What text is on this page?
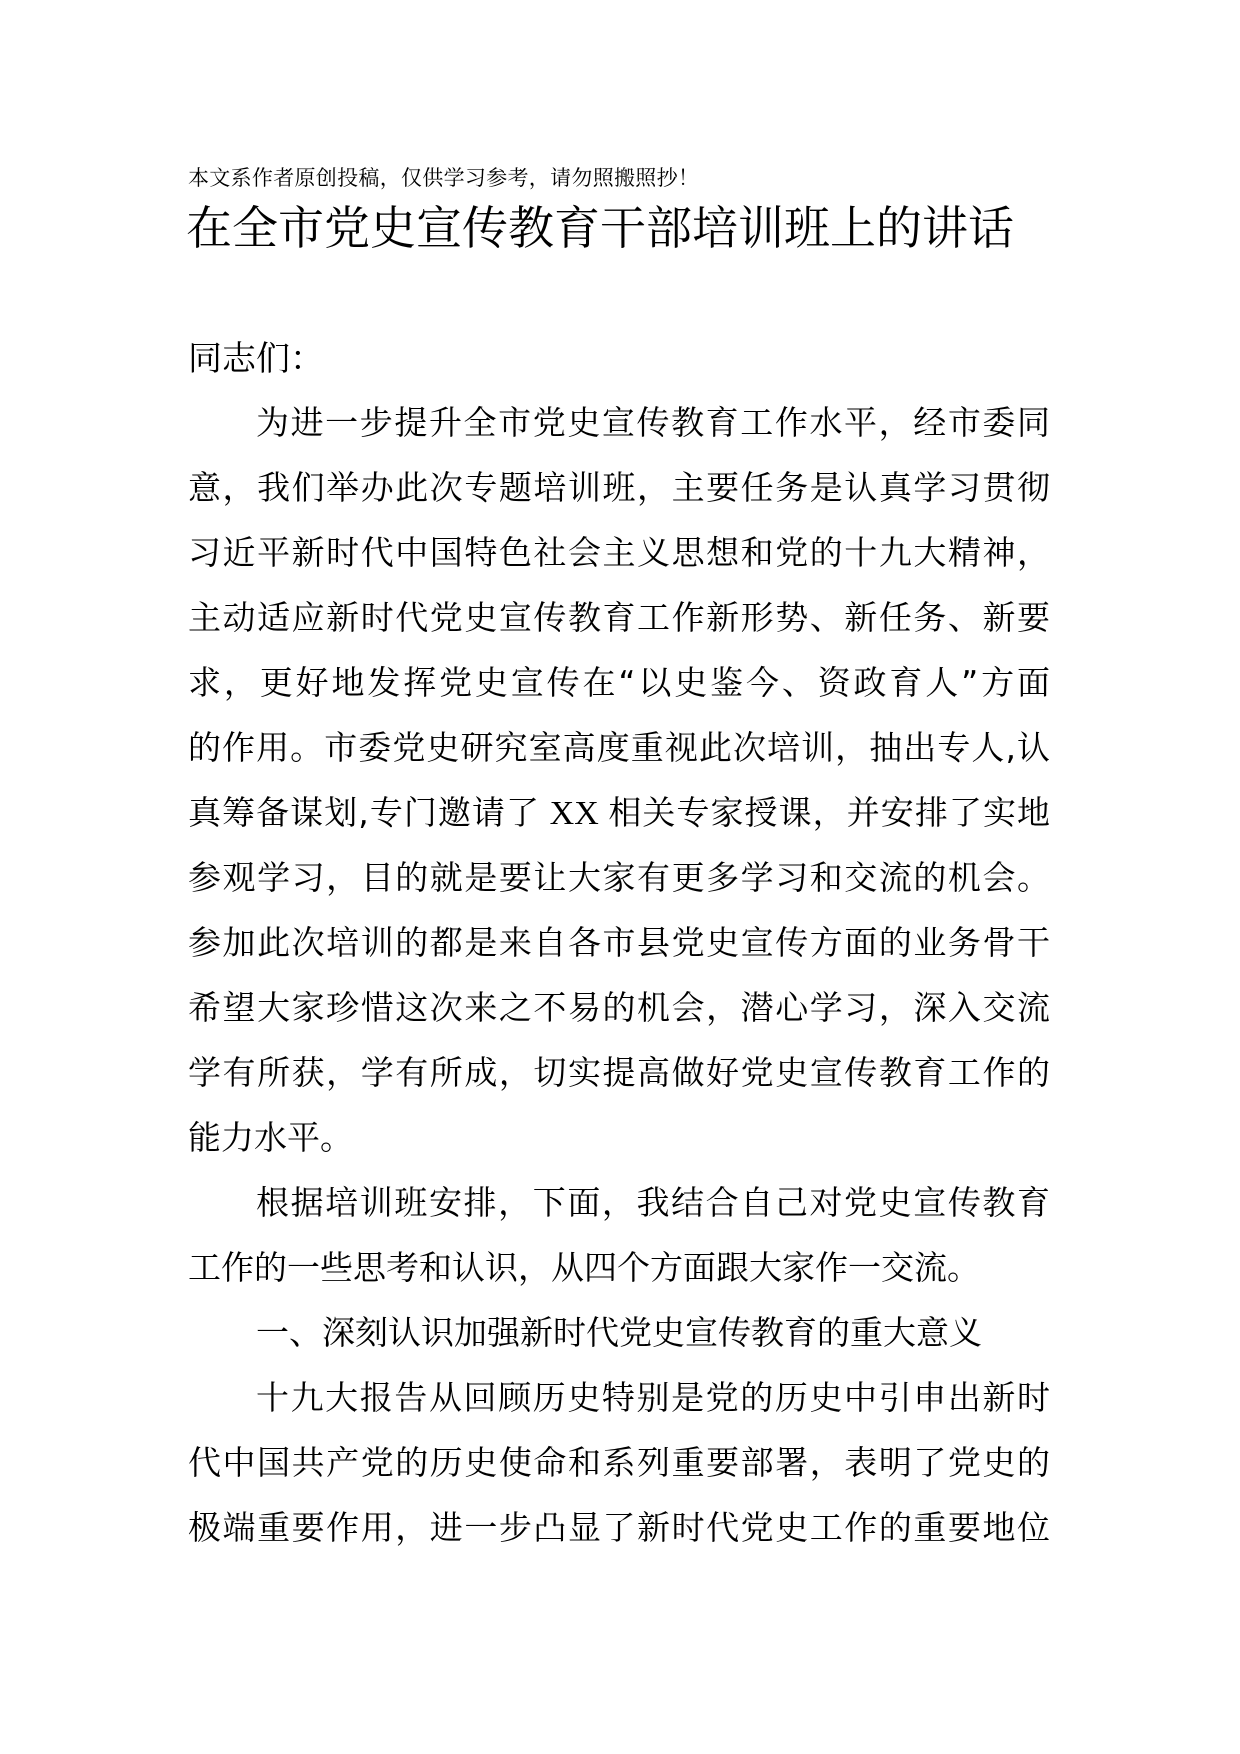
本文系作者原创投稿，仅供学习参考，请勿照搬照抄！
在全市党史宣传教育干部培训班上的讲话
同志们：
为进一步提升全市党史宣传教育工作水平，经市委同
意，我们举办此次专题培训班，主要任务是认真学习贯彻
习近平新时代中国特色社会主义思想和党的十九大精神，
主动适应新时代党史宣传教育工作新形势、新任务、新要
求，更好地发挥党史宣传在“以史鉴今、资政育人”方面
的作用。市委党史研究室高度重视此次培训，抽出专人,认
真筹备谋划,专门邀请了 XX 相关专家授课，并安排了实地
参观学习，目的就是要让大家有更多学习和交流的机会。
参加此次培训的都是来自各市县党史宣传方面的业务骨干
希望大家珍惜这次来之不易的机会，潜心学习，深入交流
学有所获，学有所成，切实提高做好党史宣传教育工作的
能力水平。
根据培训班安排，下面，我结合自己对党史宣传教育
工作的一些思考和认识，从四个方面跟大家作一交流。
一、深刻认识加强新时代党史宣传教育的重大意义
十九大报告从回顾历史特别是党的历史中引申出新时
代中国共产党的历史使命和系列重要部署，表明了党史的
极端重要作用，进一步凸显了新时代党史工作的重要地位
